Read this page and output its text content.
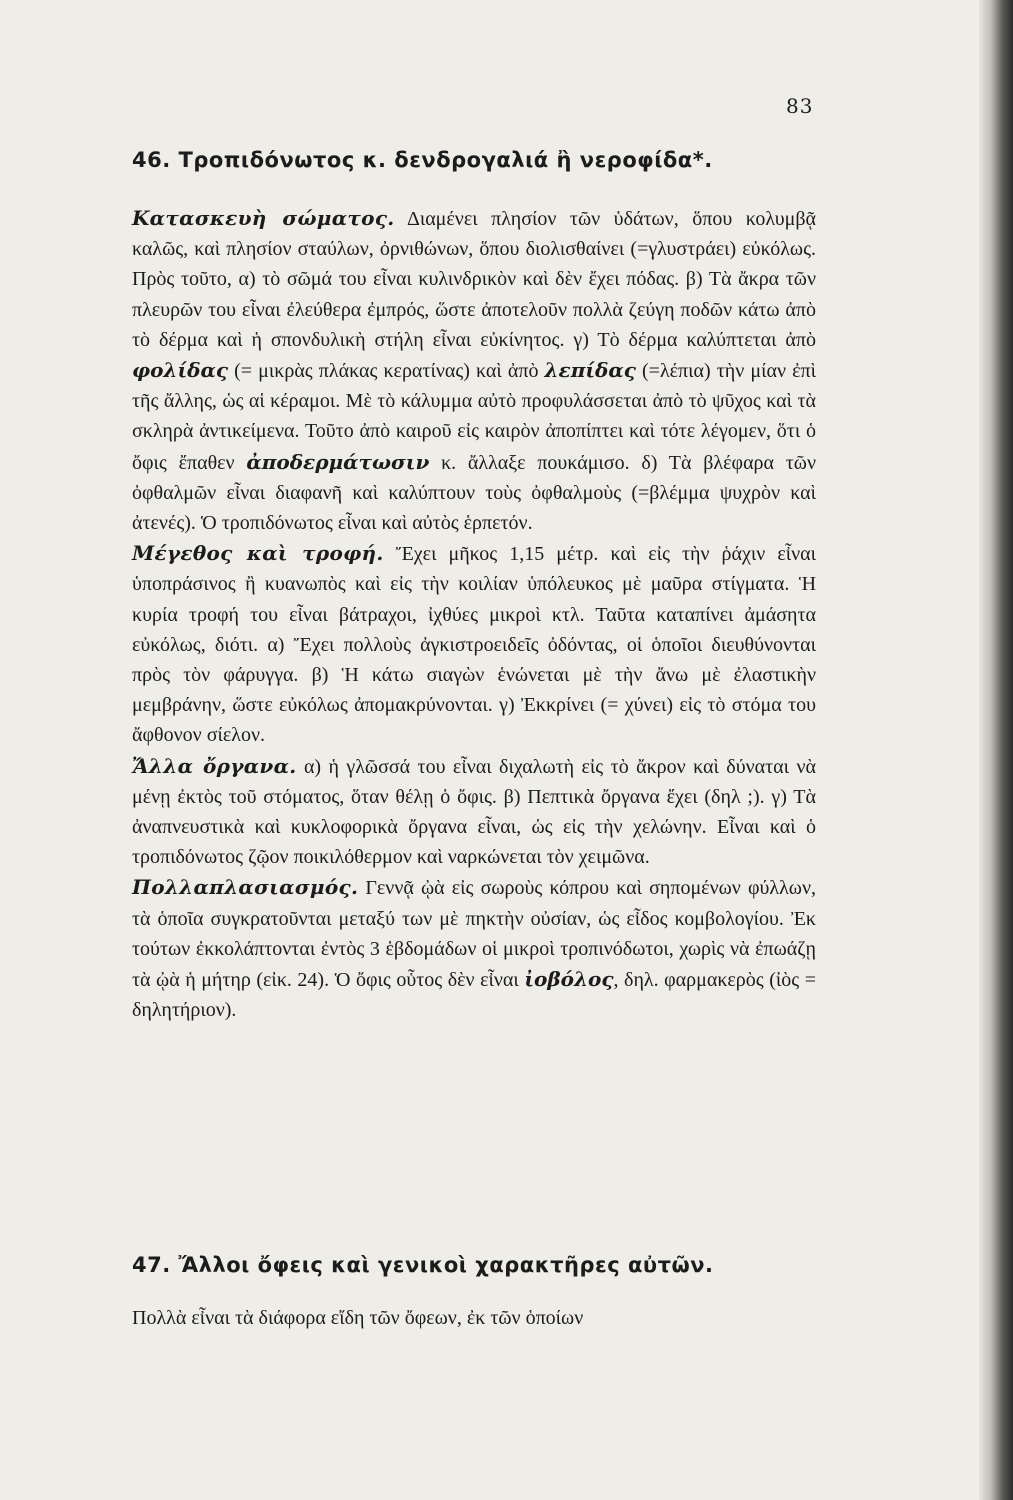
83
46. Τροπιδόνωτος κ. δενδρογαλιά ἢ νεροφίδα*.

Κατασκευὴ σώματος. Διαμένει πλησίον τῶν ὑδάτων, ὅπου κολυμβᾷ καλῶς, καὶ πλησίον σταύλων, ὀρνιθώνων, ὅπου διολισθαίνει (=γλυστράει) εὐκόλως. Πρὸς τοῦτο, α) τὸ σῶμά του εἶναι κυλινδρικὸν καὶ δὲν ἔχει πόδας. β) Τὰ ἄκρα τῶν πλευρῶν του εἶναι ἐλεύθερα ἐμπρός, ὥστε ἀποτελοῦν πολλὰ ζεύγη ποδῶν κάτω ἀπὸ τὸ δέρμα καὶ ἡ σπονδυλικὴ στήλη εἶναι εὐκίνητος. γ) Τὸ δέρμα καλύπτεται ἀπὸ φολίδας (= μικρὰς πλάκας κερατίνας) καὶ ἀπὸ λεπίδας (=λέπια) τὴν μίαν ἐπὶ τῆς ἄλλης, ὡς αἱ κέραμοι. Μὲ τὸ κάλυμμα αὐτὸ προφυλάσσεται ἀπὸ τὸ ψῦχος καὶ τὰ σκληρὰ ἀντικείμενα. Τοῦτο ἀπὸ καιροῦ εἰς καιρὸν ἀποπίπτει καὶ τότε λέγομεν, ὅτι ὁ ὄφις ἔπαθεν ἀποδερμάτωσιν κ. ἄλλαξε πουκάμισο. δ) Τὰ βλέφαρα τῶν ὀφθαλμῶν εἶναι διαφανῆ καὶ καλύπτουν τοὺς ὀφθαλμοὺς (=βλέμμα ψυχρὸν καὶ ἀτενές). Ὁ τροπιδόνωτος εἶναι καὶ αὐτὸς ἑρπετόν.

Μέγεθος καὶ τροφή. Ἔχει μῆκος 1,15 μέτρ. καὶ εἰς τὴν ῥάχιν εἶναι ὑποπράσινος ἢ κυανωπὸς καὶ εἰς τὴν κοιλίαν ὑπόλευκος μὲ μαῦρα στίγματα. Ἡ κυρία τροφή του εἶναι βάτραχοι, ἰχθύες μικροὶ κτλ. Ταῦτα καταπίνει ἀμάσητα εὐκόλως, διότι. α) Ἔχει πολλοὺς ἀγκιστροειδεῖς ὀδόντας, οἱ ὁποῖοι διευθύνονται πρὸς τὸν φάρυγγα. β) Ἡ κάτω σιαγὼν ἑνώνεται μὲ τὴν ἄνω μὲ ἐλαστικὴν μεμβράνην, ὥστε εὐκόλως ἀπομακρύνονται. γ) Ἐκκρίνει (= χύνει) εἰς τὸ στόμα του ἄφθονον σίελον.

Ἄλλα ὄργανα. α) ἡ γλῶσσά του εἶναι διχαλωτὴ εἰς τὸ ἄκρον καὶ δύναται νὰ μένῃ ἐκτὸς τοῦ στόματος, ὅταν θέλῃ ὁ ὄφις. β) Πεπτικὰ ὄργανα ἔχει (δηλ ;). γ) Τὰ ἀναπνευστικὰ καὶ κυκλοφορικὰ ὄργανα εἶναι, ὡς εἰς τὴν χελώνην. Εἶναι καὶ ὁ τροπιδόνωτος ζῷον ποικιλόθερμον καὶ ναρκώνεται τὸν χειμῶνα.

Πολλαπλασιασμός. Γεννᾷ ᾠὰ εἰς σωροὺς κόπρου καὶ σηπομένων φύλλων, τὰ ὁποῖα συγκρατοῦνται μεταξύ των μὲ πηκτὴν οὐσίαν, ὡς εἶδος κομβολογίου. Ἐκ τούτων ἐκκολάπτονται ἐντὸς 3 ἑβδομάδων οἱ μικροὶ τροπινόδωτοι, χωρὶς νὰ ἐπωάζῃ τὰ ᾠὰ ἡ μήτηρ (εἰκ. 24). Ὁ ὄφις οὗτος δὲν εἶναι ἰοβόλος, δηλ. φαρμακερὸς (ἰὸς = δηλητήριον).

47. Ἄλλοι ὄφεις καὶ γενικοὶ χαρακτῆρες αὐτῶν.
Πολλὰ εἶναι τὰ διάφορα εἴδη τῶν ὄφεων, ἐκ τῶν ὁποίων
